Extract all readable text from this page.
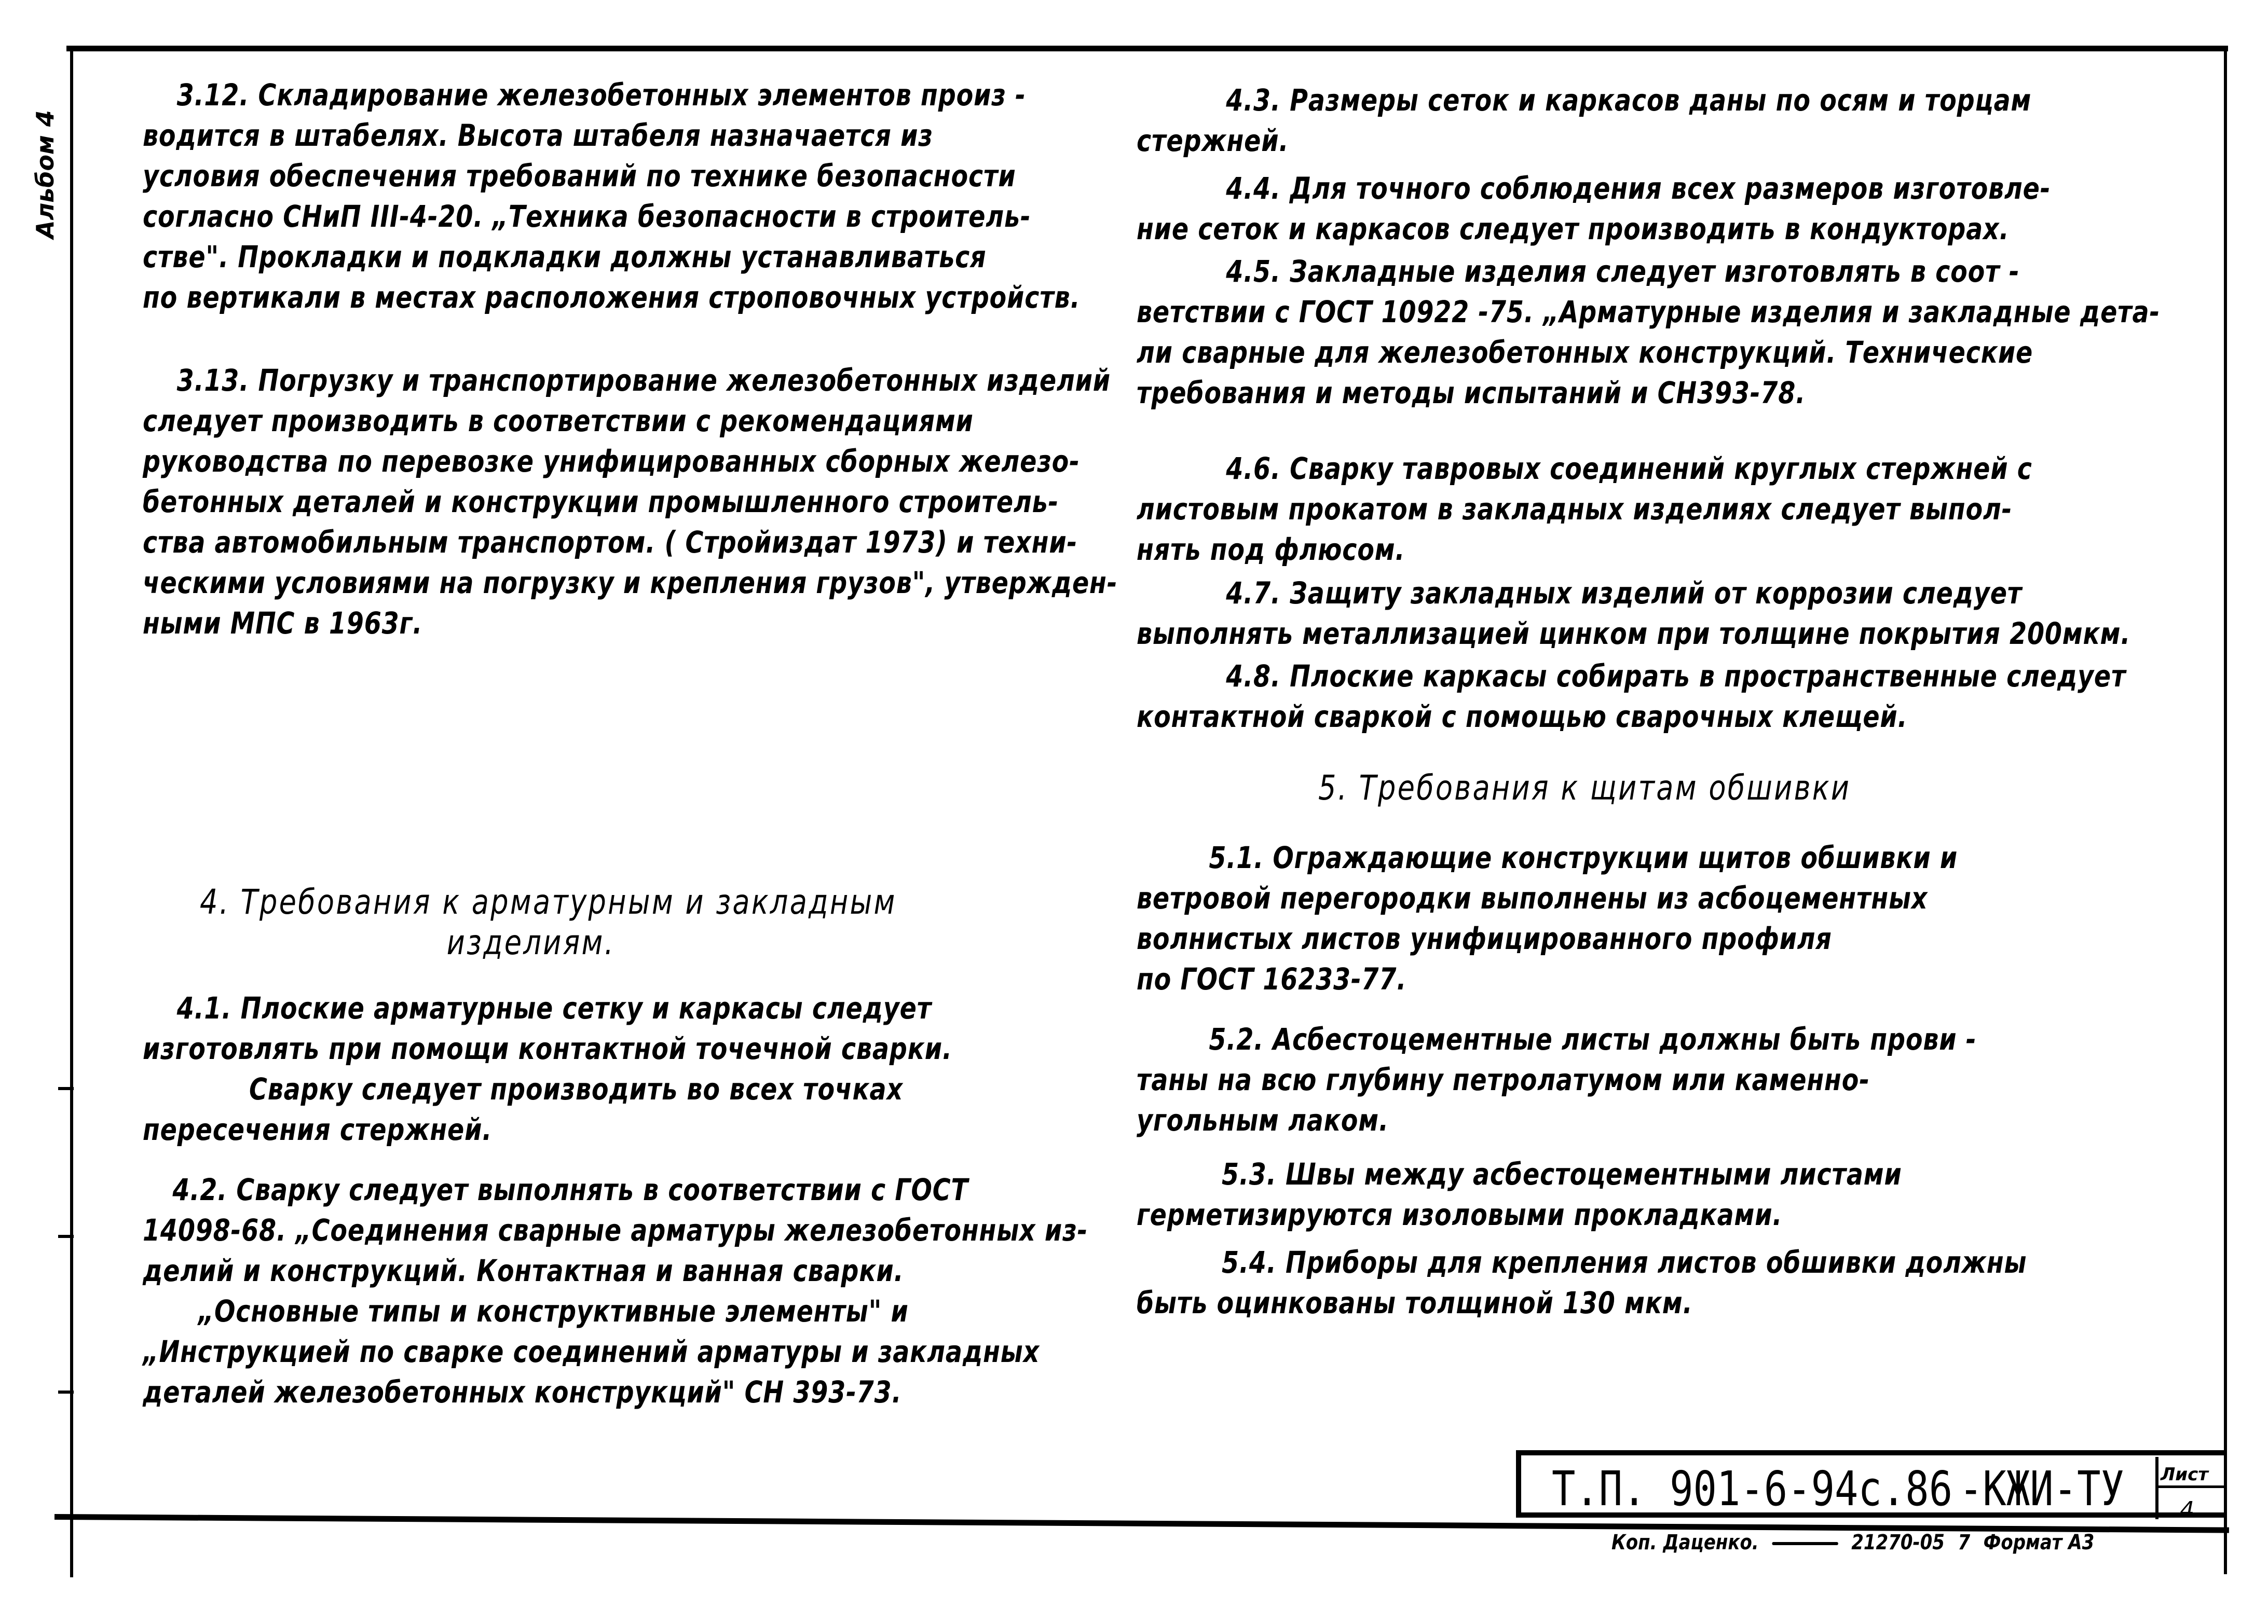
Альбом 4
3.12. Складирование железобетонных элементов произ -
водится в штабелях. Высота штабеля назначается из
условия обеспечения требований по технике безопасности
согласно СНиП III-4-20. „Техника безопасности в строитель-
стве". Прокладки и подкладки должны устанавливаться
по вертикали в местах расположения строповочных устройств.
3.13. Погрузку и транспортирование железобетонных изделий
следует производить в соответствии с рекомендациями
руководства по перевозке унифицированных сборных железо-
бетонных деталей и конструкции промышленного строитель-
ства автомобильным транспортом. ( Стройиздат 1973) и техни-
ческими условиями на погрузку и крепления грузов", утвержден-
ными МПС в 1963г.
4. Требования к арматурным и закладным
изделиям.
4.1. Плоские арматурные сетку и каркасы следует
изготовлять при помощи контактной точечной сварки.
Сварку следует производить во всех точках
пересечения стержней.
4.2. Сварку следует выполнять в соответствии с ГОСТ
14098-68. „Соединения сварные арматуры железобетонных из-
делий и конструкций. Контактная и ванная сварки.
„Основные типы и конструктивные элементы" и
„Инструкцией по сварке соединений арматуры и закладных
деталей железобетонных конструкций" СН 393-73.
4.3. Размеры сеток и каркасов даны по осям и торцам
стержней.
4.4. Для точного соблюдения всех размеров изготовле-
ние сеток и каркасов следует производить в кондукторах.
4.5. Закладные изделия следует изготовлять в соот -
ветствии с ГОСТ 10922 -75. „Арматурные изделия и закладные дета-
ли сварные для железобетонных конструкций. Технические
требования и методы испытаний и СН393-78.
4.6. Сварку тавровых соединений круглых стержней с
листовым прокатом в закладных изделиях следует выпол-
нять под флюсом.
4.7. Защиту закладных изделий от коррозии следует
выполнять металлизацией цинком при толщине покрытия 200мкм.
4.8. Плоские каркасы собирать в пространственные следует
контактной сваркой с помощью сварочных клещей.
5. Требования к щитам обшивки
5.1. Ограждающие конструкции щитов обшивки и
ветровой перегородки выполнены из асбоцементных
волнистых листов унифицированного профиля
по ГОСТ 16233-77.
5.2. Асбестоцементные листы должны быть прови -
таны на всю глубину петролатумом или каменно-
угольным лаком.
5.3. Швы между асбестоцементными листами
герметизируются изоловыми прокладками.
5.4. Приборы для крепления листов обшивки должны
быть оцинкованы толщиной 130 мкм.
Т.П. 901-6-94с.86 -КЖИ-ТУ Лист
4
Коп. Даценко.	21270-05 7 Формат А3
